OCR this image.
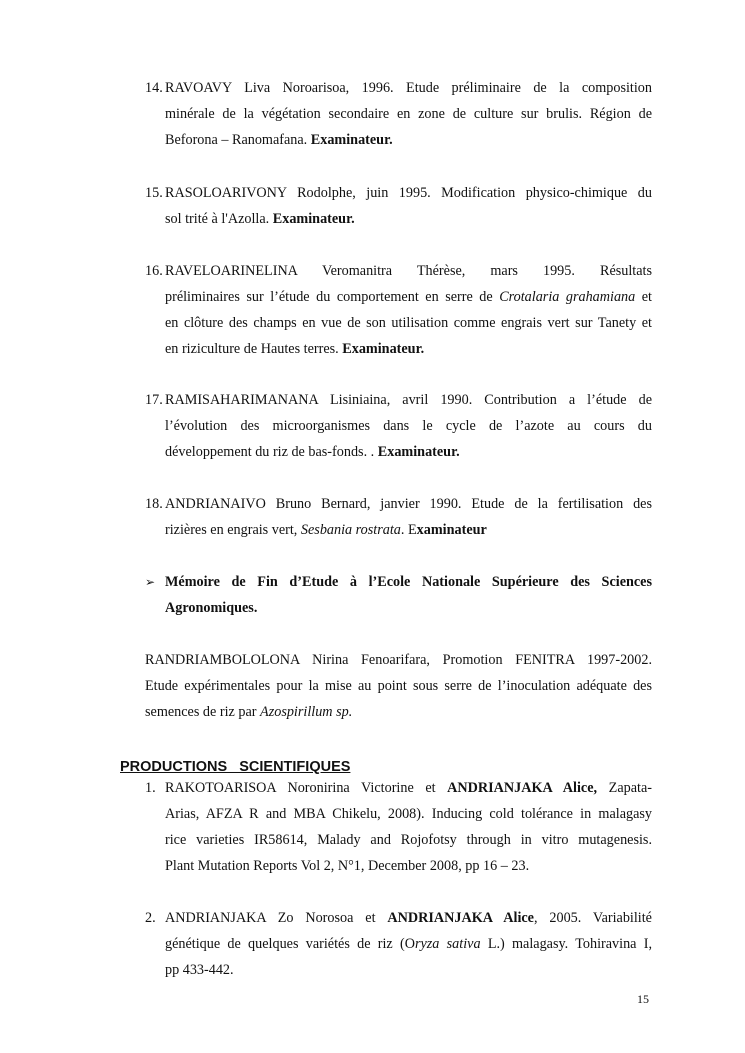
PRODUCTIONS   SCIENTIFIQUES
15
14. RAVOAVY Liva Noroarisoa, 1996. Etude préliminaire de la composition
minérale de la végétation secondaire en zone de culture sur brulis. Région de
Beforona – Ranomafana. Examinateur.
15. RASOLOARIVONY Rodolphe, juin 1995. Modification physico-chimique du
sol trité à l'Azolla. Examinateur.
16. RAVELOARINELINA Veromanitra Thérèse, mars 1995. Résultats
préliminaires sur l’étude du comportement en serre de Crotalaria grahamiana et
en clôture des champs en vue de son utilisation comme engrais vert sur Tanety et
en riziculture de Hautes terres. Examinateur.
17. RAMISAHARIMANANA Lisiniaina, avril 1990. Contribution a l’étude de
l’évolution des microorganismes dans le cycle de l’azote au cours du
développement du riz de bas-fonds. . Examinateur.
18. ANDRIANAIVO Bruno Bernard, janvier 1990. Etude de la fertilisation des
rizières en engrais vert, Sesbania rostrata. Examinateur
➢ Mémoire de Fin d’Etude à l’Ecole Nationale Supérieure des Sciences
Agronomiques.
RANDRIAMBOLOLONA Nirina Fenoarifara, Promotion FENITRA 1997-2002.
Etude expérimentales pour la mise au point sous serre de l’inoculation adéquate des
semences de riz par Azospirillum sp.
1. RAKOTOARISOA Noronirina Victorine et ANDRIANJAKA Alice, Zapata-
Arias, AFZA R and MBA Chikelu, 2008). Inducing cold tolérance in malagasy
rice varieties IR58614, Malady and Rojofotsy through in vitro mutagenesis.
Plant Mutation Reports Vol 2, N°1, December 2008, pp 16 – 23.
2. ANDRIANJAKA Zo Norosoa et ANDRIANJAKA Alice, 2005. Variabilité
génétique de quelques variétés de riz (Oryza sativa L.) malagasy. Tohiravina I,
pp 433-442.
